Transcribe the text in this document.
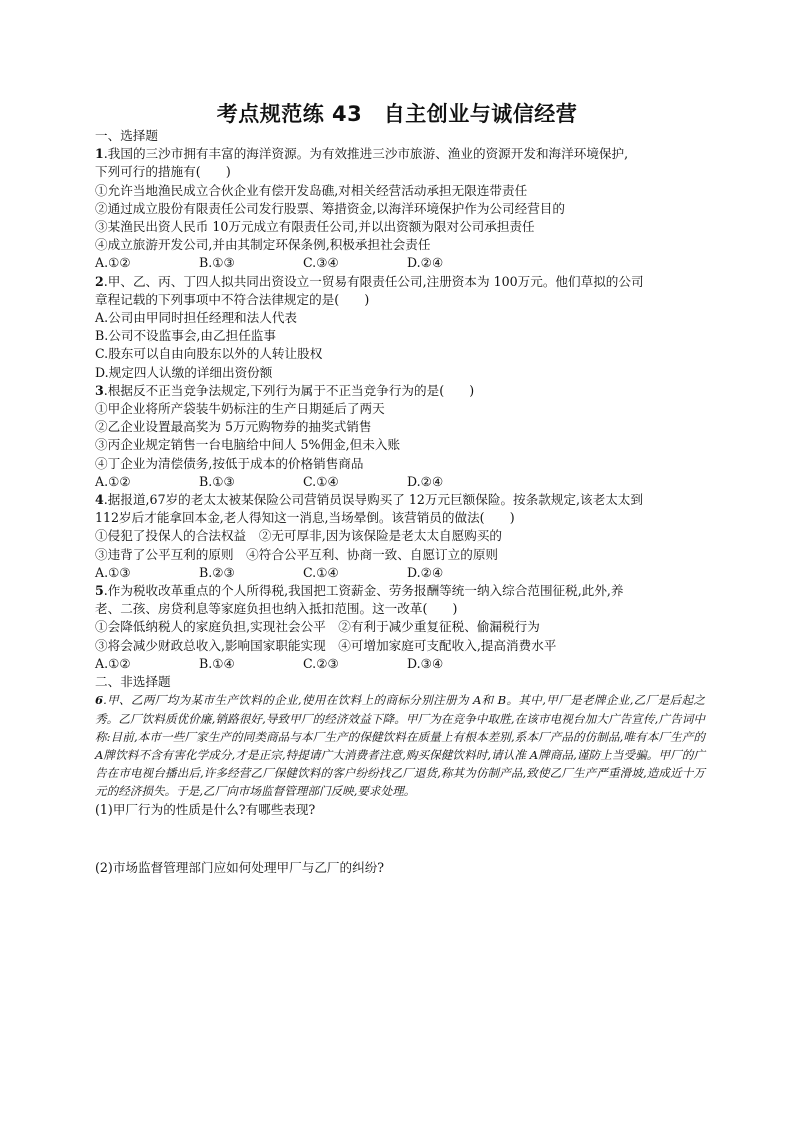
考点规范练 43　自主创业与诚信经营
一、选择题
1.我国的三沙市拥有丰富的海洋资源。为有效推进三沙市旅游、渔业的资源开发和海洋环境保护,
下列可行的措施有(　　)
①允许当地渔民成立合伙企业有偿开发岛礁,对相关经营活动承担无限连带责任
②通过成立股份有限责任公司发行股票、筹措资金,以海洋环境保护作为公司经营目的
③某渔民出资人民币 10万元成立有限责任公司,并以出资额为限对公司承担责任
④成立旅游开发公司,并由其制定环保条例,积极承担社会责任
A.①②	B.①③	C.③④	D.②④
2.甲、乙、丙、丁四人拟共同出资设立一贸易有限责任公司,注册资本为 100万元。他们草拟的公司
章程记载的下列事项中不符合法律规定的是(　　)
A.公司由甲同时担任经理和法人代表
B.公司不设监事会,由乙担任监事
C.股东可以自由向股东以外的人转让股权
D.规定四人认缴的详细出资份额
3.根据反不正当竞争法规定,下列行为属于不正当竞争行为的是(　　)
①甲企业将所产袋装牛奶标注的生产日期延后了两天
②乙企业设置最高奖为 5万元购物券的抽奖式销售
③丙企业规定销售一台电脑给中间人 5%佣金,但未入账
④丁企业为清偿债务,按低于成本的价格销售商品
A.①②	B.①③	C.①④	D.②④
4.据报道,67岁的老太太被某保险公司营销员误导购买了 12万元巨额保险。按条款规定,该老太太到
112岁后才能拿回本金,老人得知这一消息,当场晕倒。该营销员的做法(　　)
①侵犯了投保人的合法权益　②无可厚非,因为该保险是老太太自愿购买的
③违背了公平互利的原则　④符合公平互利、协商一致、自愿订立的原则
A.①③	B.②③	C.①④	D.②④
5.作为税收改革重点的个人所得税,我国把工资薪金、劳务报酬等统一纳入综合范围征税,此外,养
老、二孩、房贷利息等家庭负担也纳入抵扣范围。这一改革(　　)
①会降低纳税人的家庭负担,实现社会公平　②有利于减少重复征税、偷漏税行为
③将会减少财政总收入,影响国家职能实现　④可增加家庭可支配收入,提高消费水平
A.①②	B.①④	C.②③	D.③④
二、非选择题
6.甲、乙两厂均为某市生产饮料的企业,使用在饮料上的商标分别注册为 A和 B。其中,甲厂是老牌企业,乙厂是后起之秀。乙厂饮料质优价廉,销路很好,导致甲厂的经济效益下降。甲厂为在竞争中取胜,在该市电视台加大广告宣传,广告词中称:目前,本市一些厂家生产的同类商品与本厂生产的保健饮料在质量上有根本差别,系本厂产品的仿制品,唯有本厂生产的 A牌饮料不含有害化学成分,才是正宗,特提请广大消费者注意,购买保健饮料时,请认准 A牌商品,谨防上当受骗。甲厂的广告在市电视台播出后,许多经营乙厂保健饮料的客户纷纷找乙厂退货,称其为仿制产品,致使乙厂生产严重滑坡,造成近十万元的经济损失。于是,乙厂向市场监督管理部门反映,要求处理。
(1)甲厂行为的性质是什么?有哪些表现?
(2)市场监督管理部门应如何处理甲厂与乙厂的纠纷?
